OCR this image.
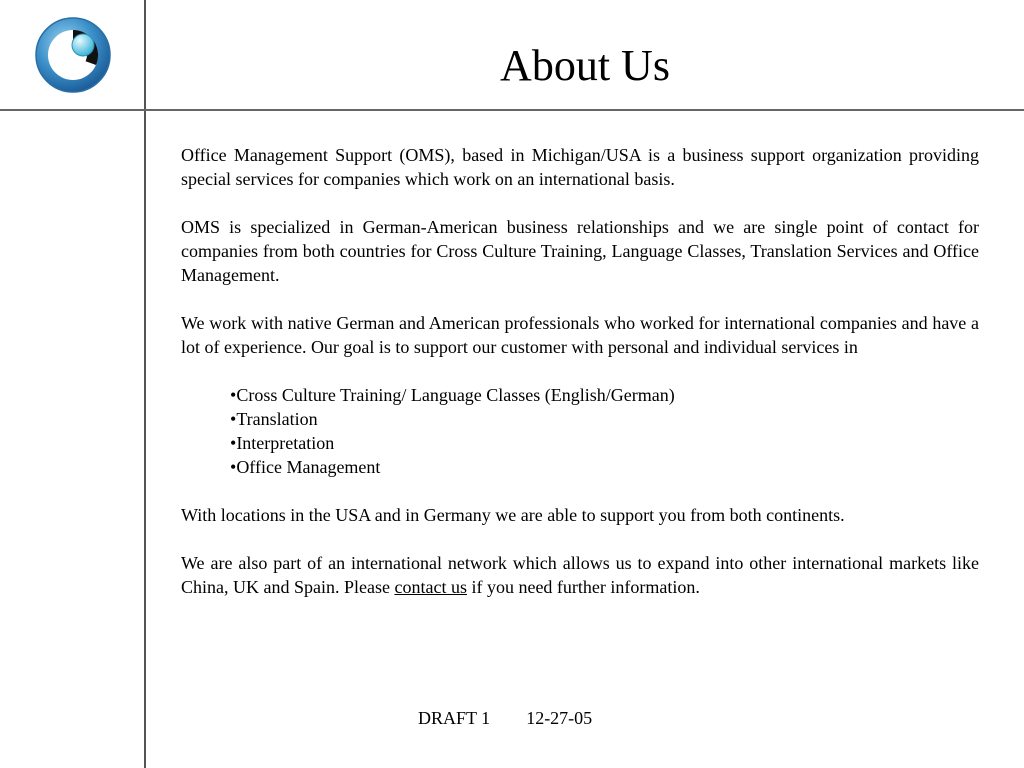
About Us

Office Management Support (OMS), based in Michigan/USA is a business support organization providing special services for companies which work on an international basis.

OMS is specialized in German-American business relationships and we are single point of contact for companies from both countries for Cross Culture Training, Language Classes, Translation Services and Office Management.

We work with native German and American professionals who worked for international companies and have a lot of experience. Our goal is to support our customer with personal and individual services in

• Cross Culture Training/ Language Classes (English/German)
• Translation
• Interpretation
• Office Management

With locations in the USA and in Germany we are able to support you from both continents.

We are also part of an international network which allows us to expand into other international markets like China, UK and Spain. Please contact us if you need further information.

DRAFT 1 12-27-05
